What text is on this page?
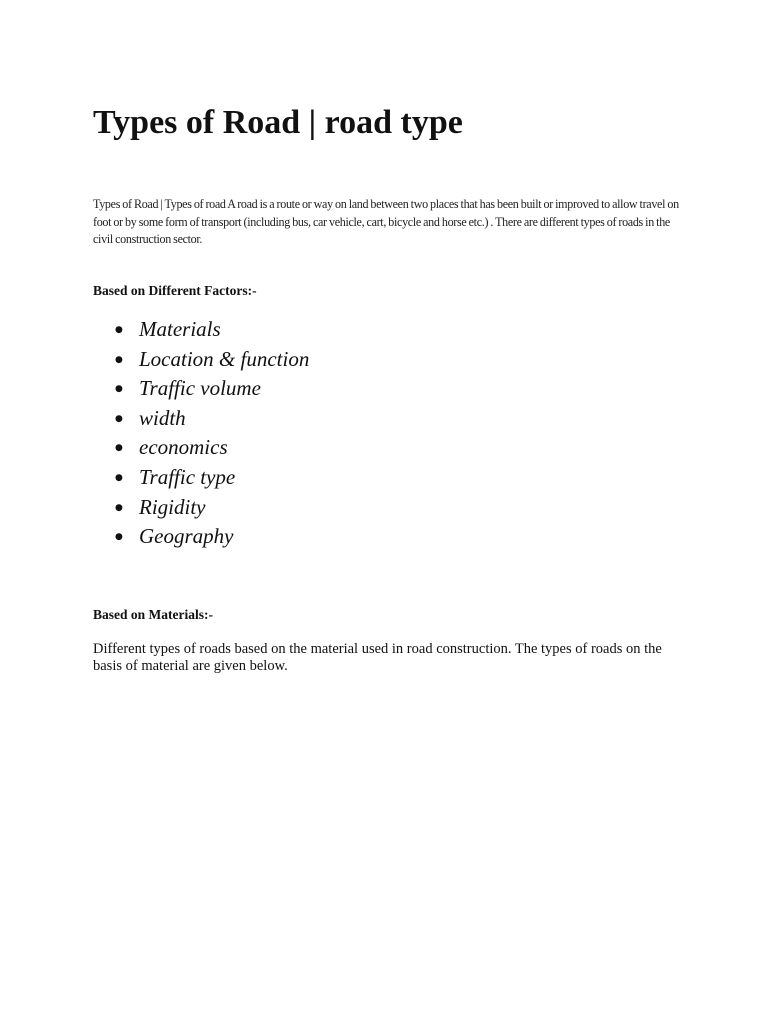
Types of Road | road type

Types of Road | Types of road A road is a route or way on land between two places that has been built or improved to allow travel on foot or by some form of transport (including bus, car vehicle, cart, bicycle and horse etc.) . There are different types of roads in the civil construction sector.

Based on Different Factors:-
● Materials
● Location & function
● Traffic volume
● width
● economics
● Traffic type
● Rigidity
● Geography
Based on Materials:-

Different types of roads based on the material used in road construction. The types of roads on the basis of material are given below.
